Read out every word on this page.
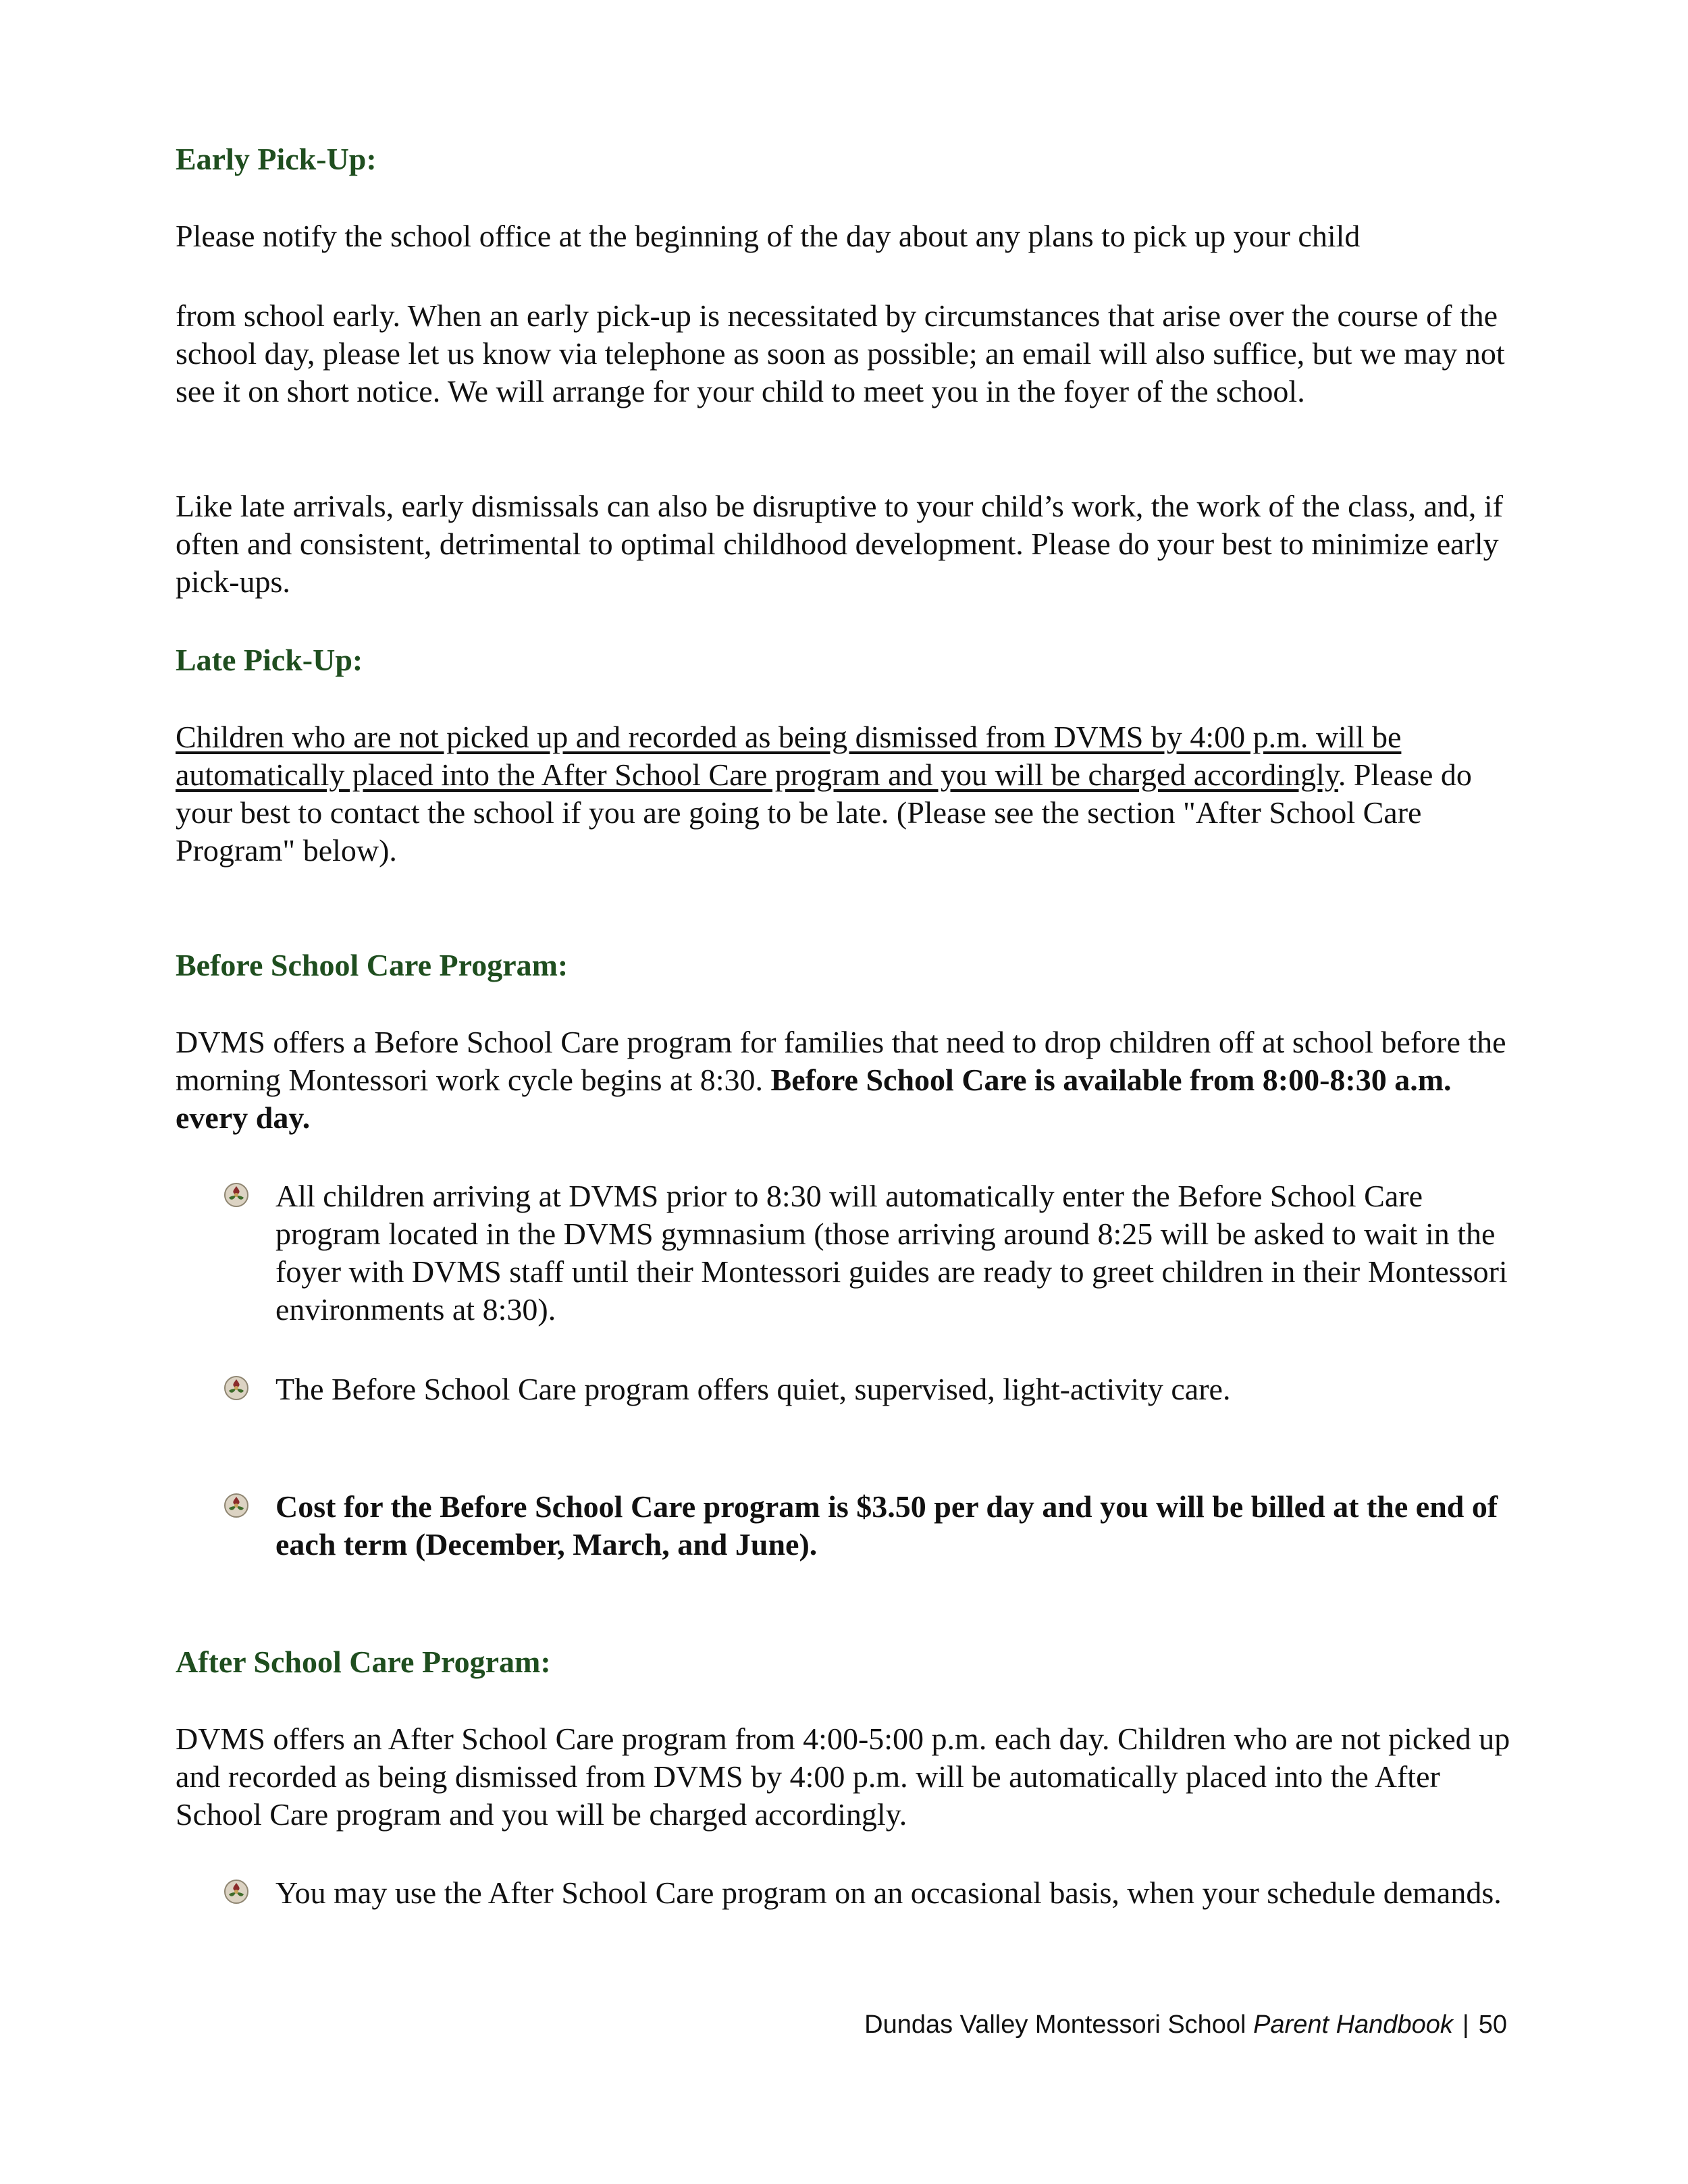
Early Pick-Up:

Please notify the school office at the beginning of the day about any plans to pick up your child

from school early. When an early pick-up is necessitated by circumstances that arise over the course of the school day, please let us know via telephone as soon as possible; an email will also suffice, but we may not see it on short notice. We will arrange for your child to meet you in the foyer of the school.

Like late arrivals, early dismissals can also be disruptive to your child’s work, the work of the class, and, if often and consistent, detrimental to optimal childhood development. Please do your best to minimize early pick-ups.

Late Pick-Up:

Children who are not picked up and recorded as being dismissed from DVMS by 4:00 p.m. will be automatically placed into the After School Care program and you will be charged accordingly. Please do your best to contact the school if you are going to be late. (Please see the section "After School Care Program" below).

Before School Care Program:

DVMS offers a Before School Care program for families that need to drop children off at school before the morning Montessori work cycle begins at 8:30. Before School Care is available from 8:00-8:30 a.m. every day.

All children arriving at DVMS prior to 8:30 will automatically enter the Before School Care program located in the DVMS gymnasium (those arriving around 8:25 will be asked to wait in the foyer with DVMS staff until their Montessori guides are ready to greet children in their Montessori environments at 8:30).

The Before School Care program offers quiet, supervised, light-activity care.

Cost for the Before School Care program is $3.50 per day and you will be billed at the end of each term (December, March, and June).

After School Care Program:

DVMS offers an After School Care program from 4:00-5:00 p.m. each day. Children who are not picked up and recorded as being dismissed from DVMS by 4:00 p.m. will be automatically placed into the After School Care program and you will be charged accordingly.

You may use the After School Care program on an occasional basis, when your schedule demands.

Dundas Valley Montessori School Parent Handbook | 50
